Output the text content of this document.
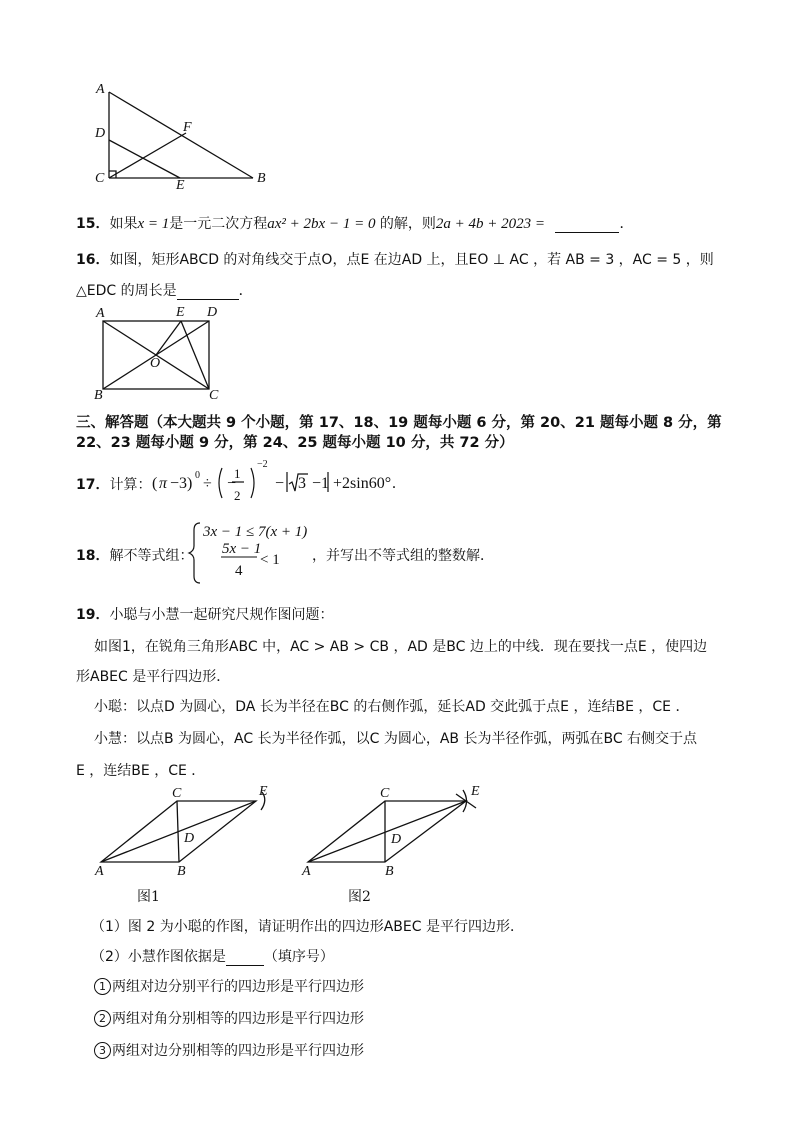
A
D
C
F
E	B
15．如果x = 1是一元二次方程ax² + 2bx − 1 = 0 的解，则2a + 4b + 2023 =	．
16．如图，矩形ABCD 的对角线交于点O，点E 在边AD 上，且EO ⊥ AC ，若 AB = 3 ，AC = 5 ，则
△EDC 的周长是	．
A	E D
O
B	C
三、解答题（本大题共 9 个小题，第 17、18、19 题每小题 6 分，第 20、21 题每小题 8 分，第
22、23 题每小题 9 分，第 24、25 题每小题 10 分，共 72 分）
17．计算： ( π −3) 0 ÷ −
1
2
−2
− 3 −1 +2sin60° .
18．解不等式组：
3x − 1 ≤ 7(x + 1)
5x − 1
4
< 1 ，并写出不等式组的整数解．
19．小聪与小慧一起研究尺规作图问题：
如图1，在锐角三角形ABC 中，AC > AB > CB ，AD 是BC 边上的中线．现在要找一点E ，使四边
形ABEC 是平行四边形．
小聪：以点D 为圆心，DA 长为半径在BC 的右侧作弧，延长AD 交此弧于点E ，连结BE ，CE ．
小慧：以点B 为圆心，AC 长为半径作弧，以C 为圆心，AB 长为半径作弧，两弧在BC 右侧交于点
E ，连结BE ，CE ．
C	E
D
A	B
图1
C	E
D
A	B
图2
（1）图 2 为小聪的作图，请证明作出的四边形ABEC 是平行四边形．
（2）小慧作图依据是	（填序号）
1 两组对边分别平行的四边形是平行四边形
2 两组对角分别相等的四边形是平行四边形
3 两组对边分别相等的四边形是平行四边形
